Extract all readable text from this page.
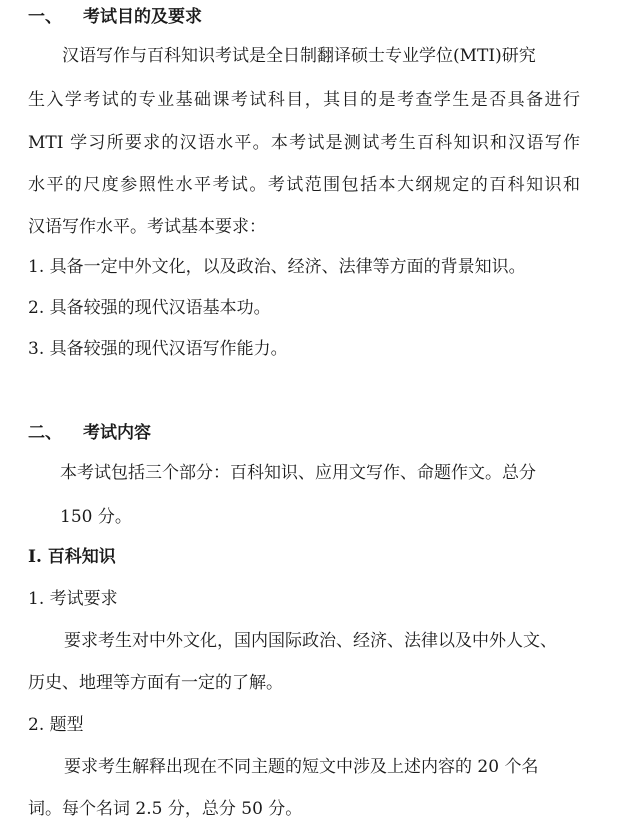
一、 考试目的及要求
汉语写作与百科知识考试是全日制翻译硕士专业学位(MTI)研究
生入学考试的专业基础课考试科目，其目的是考查学生是否具备进行
MTI 学习所要求的汉语水平。本考试是测试考生百科知识和汉语写作
水平的尺度参照性水平考试。考试范围包括本大纲规定的百科知识和
汉语写作水平。考试基本要求：
1. 具备一定中外文化，以及政治、经济、法律等方面的背景知识。
2. 具备较强的现代汉语基本功。
3. 具备较强的现代汉语写作能力。
二、 考试内容
本考试包括三个部分：百科知识、应用文写作、命题作文。总分
150 分。
I. 百科知识
1. 考试要求
要求考生对中外文化，国内国际政治、经济、法律以及中外人文、
历史、地理等方面有一定的了解。
2. 题型
要求考生解释出现在不同主题的短文中涉及上述内容的 20 个名
词。每个名词 2.5 分，总分 50 分。
